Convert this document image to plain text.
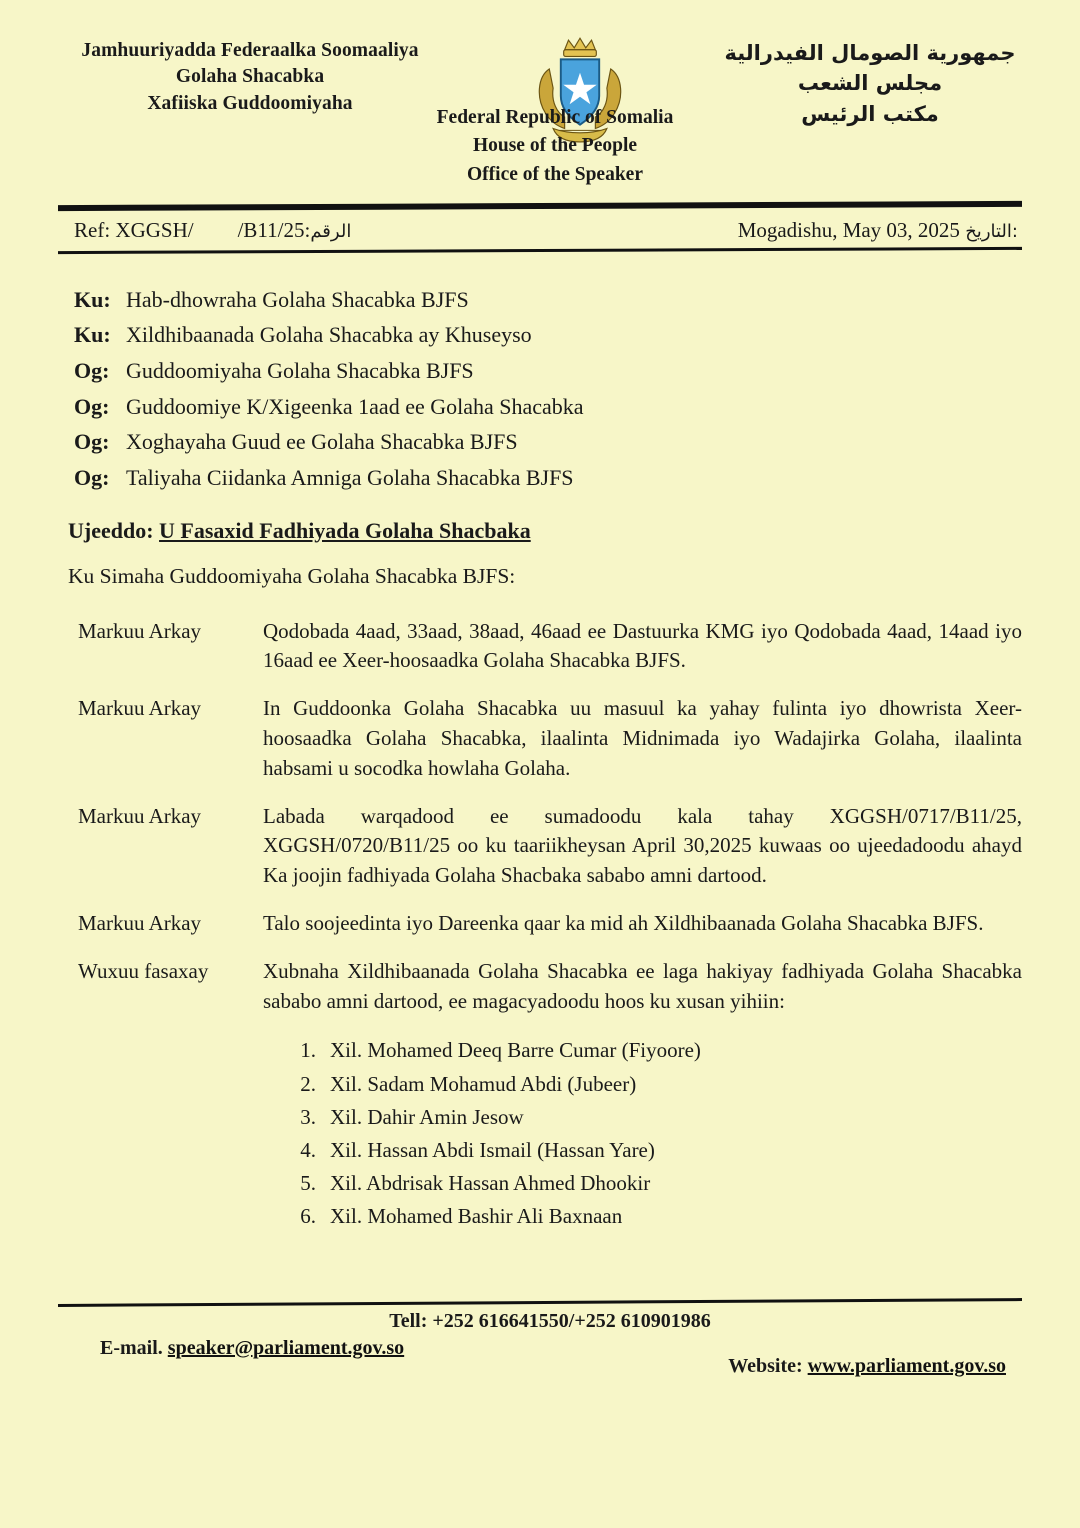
Jamhuuriyadda Federaalka Soomaaliya
Golaha Shacabka
Xafiiska Guddoomiyaha
جمهورية الصومال الفيدرالية
مجلس الشعب
مكتب الرئيس
Federal Republic of Somalia
House of the People
Office of the Speaker
Ref: XGGSH/ /B11/25:الرقم	Mogadishu, May 03, 2025 التاريخ:
Ku: Hab-dhowraha Golaha Shacabka BJFS
Ku: Xildhibaanada Golaha Shacabka ay Khuseyso
Og: Guddoomiyaha Golaha Shacabka BJFS
Og: Guddoomiye K/Xigeenka 1aad ee Golaha Shacabka
Og: Xoghayaha Guud ee Golaha Shacabka BJFS
Og: Taliyaha Ciidanka Amniga Golaha Shacabka BJFS
Ujeeddo: U Fasaxid Fadhiyada Golaha Shacbaka
Ku Simaha Guddoomiyaha Golaha Shacabka BJFS:
Markuu Arkay	Qodobada 4aad, 33aad, 38aad, 46aad ee Dastuurka KMG iyo Qodobada 4aad, 14aad iyo 16aad ee Xeer-hoosaadka Golaha Shacabka BJFS.
Markuu Arkay	In Guddoonka Golaha Shacabka uu masuul ka yahay fulinta iyo dhowrista Xeer-hoosaadka Golaha Shacabka, ilaalinta Midnimada iyo Wadajirka Golaha, ilaalinta habsami u socodka howlaha Golaha.
Markuu Arkay	Labada warqadood ee sumadoodu kala tahay XGGSH/0717/B11/25, XGGSH/0720/B11/25 oo ku taariikheysan April 30,2025 kuwaas oo ujeedadoodu ahayd Ka joojin fadhiyada Golaha Shacbaka sababo amni dartood.
Markuu Arkay	Talo soojeedinta iyo Dareenka qaar ka mid ah Xildhibaanada Golaha Shacabka BJFS.
Wuxuu fasaxay	Xubnaha Xildhibaanada Golaha Shacabka ee laga hakiyay fadhiyada Golaha Shacabka sababo amni dartood, ee magacyadoodu hoos ku xusan yihiin:
1. Xil. Mohamed Deeq Barre Cumar (Fiyoore)
2. Xil. Sadam Mohamud Abdi (Jubeer)
3. Xil. Dahir Amin Jesow
4. Xil. Hassan Abdi Ismail (Hassan Yare)
5. Xil. Abdrisak Hassan Ahmed Dhookir
6. Xil. Mohamed Bashir Ali Baxnaan
Tell: +252 616641550/+252 610901986
E-mail. speaker@parliament.gov.so
Website: www.parliament.gov.so
